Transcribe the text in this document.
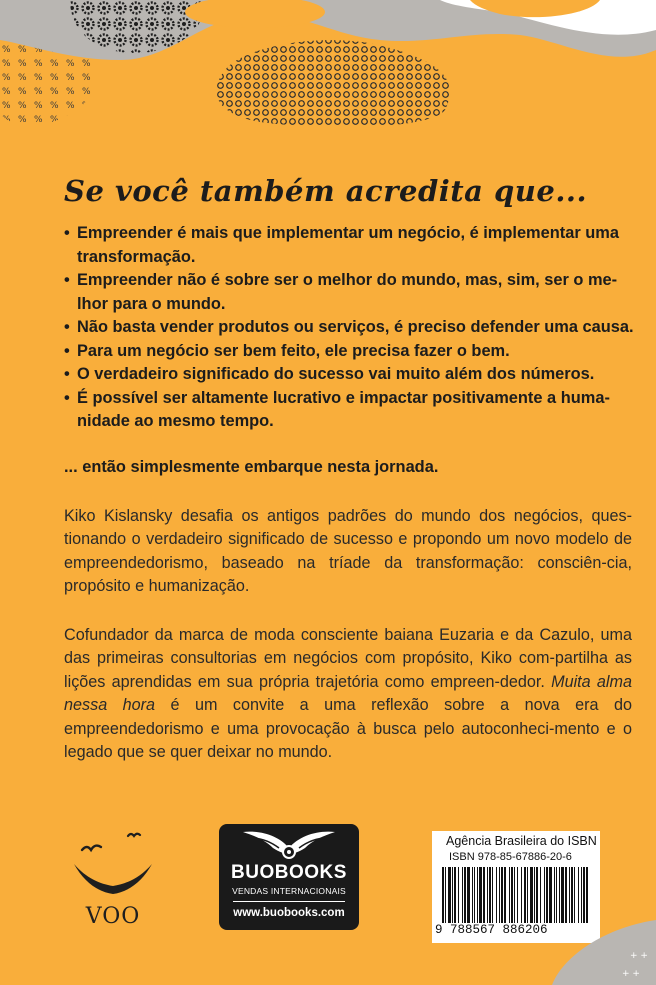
Se você também acredita que...
• Empreender é mais que implementar um negócio, é implementar uma transformação.
• Empreender não é sobre ser o melhor do mundo, mas, sim, ser o me-lhor para o mundo.
• Não basta vender produtos ou serviços, é preciso defender uma causa.
• Para um negócio ser bem feito, ele precisa fazer o bem.
• O verdadeiro significado do sucesso vai muito além dos números.
• É possível ser altamente lucrativo e impactar positivamente a huma-nidade ao mesmo tempo.
... então simplesmente embarque nesta jornada.

Kiko Kislansky desafia os antigos padrões do mundo dos negócios, ques-tionando o verdadeiro significado de sucesso e propondo um novo modelo de empreendedorismo, baseado na tríade da transformação: consciên-cia, propósito e humanização.

Cofundador da marca de moda consciente baiana Euzaria e da Cazulo, uma das primeiras consultorias em negócios com propósito, Kiko com-partilha as lições aprendidas em sua própria trajetória como empreen-dedor. Muita alma nessa hora é um convite a uma reflexão sobre a nova era do empreendedorismo e uma provocação à busca pelo autoconheci-mento e o legado que se quer deixar no mundo.

VOO
BUOBOOKS
VENDAS INTERNACIONAIS
www.buobooks.com
Agência Brasileira do ISBN
ISBN 978-85-67886-20-6
9 788567 886206
+ +
+ +
